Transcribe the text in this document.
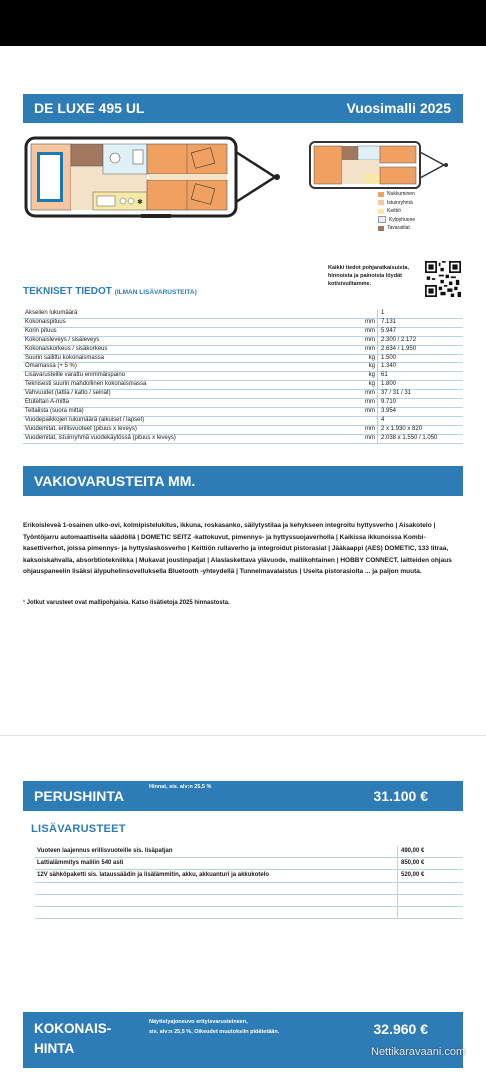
DE LUXE 495 UL	Vuosimalli 2025
✱
Nukkuminen
Istuinryhmä
Keittiö
Kylpyhuone
Tavaratilat
Kaikki tiedot pohjaratkaisuista, hinnoista ja painoista löydät kotisivuiltamme.
TEKNISET TIEDOT (ILMAN LISÄVARUSTEITA)
Akselien lukumäärä		1
Kokonaispituus	mm	7.131
Korin pituus	mm	5.947
Kokonaisleveys / sisäleveys	mm	2.300 / 2.172
Kokonaiskorkeus / sisäkorkeus	mm	2.634 / 1.950
Suurin sallittu kokonaismassa	kg	1.500
Omamassa (+ 5 %)	kg	1.340
Lisävarusteille varattu enimmäispaino	kg	61
Teknisesti suurin mahdollinen kokonaismassa	kg	1.800
Vahvuudet (lattia / katto / seinät)	mm	37 / 31 / 31
Etuteltan A-mitta	mm	9.710
Teltalista (suora mitta)	mm	3.954
Vuodepaikkojen lukumäärä (aikuiset / lapset)		4
Vuodemitat, erillisvuoteet (pituus x leveys)	mm	2 x 1.930 x 820
Vuodemitat, istuinryhmä vuodekäytössä (pituus x leveys)	mm	2.038 x 1.550 / 1.050
VAKIOVARUSTEITA MM.
Erikoisleveä 1-osainen ulko-ovi, kolmipistelukitus, ikkuna, roskasanko, säilytystilaa ja kehykseen integroitu hyttysverho | Aisakotelo | Työntöjarru automaattisella säädöllä | DOMETIC SEITZ -kattokuvut, pimennys- ja hyttyssuojaverholla | Kaikissa ikkunoissa Kombi-kasettiverhot, joissa pimennys- ja hyttyslaskosverho | Keittiön rullaverho ja integroidut pistorasiat | Jääkaappi (AES) DOMETIC, 133 litraa, kaksoiskahvalla, absorbtiotekniikka | Mukavat joustinpatjat | Alaslaskettava ylävuode, mallikohtainen | HOBBY CONNECT, laitteiden ohjaus ohjauspaneelin lisäksi älypuhelinsovelluksella Bluetooth -yhteydellä | Tunnelmavalaistus | Useita pistorasioita ... ja paljon muuta.
¹ Jotkut varusteet ovat mallipohjaisia. Katso lisätietoja 2025 hinnastosta.
PERUSHINTA
Hinnat, sis. alv:n 25,5 %
31.100 €
LISÄVARUSTEET
Vuoteen laajennus erillisvuoteille sis. lisäpatjan	490,00 €
Lattialämmitys malliin 540 asti	850,00 €
12V sähköpaketti sis. lataussäädin ja lisälämmitin, akku, akkuanturi ja akkukotelo	520,00 €

KOKONAIS-
HINTA
Näyttelyajoneuvo erityisvarusteineen,
sis. alv:n 25,5 %, Oikeudet muutoksiin pidätetään.	32.960 €
Nettikaravaani.com
